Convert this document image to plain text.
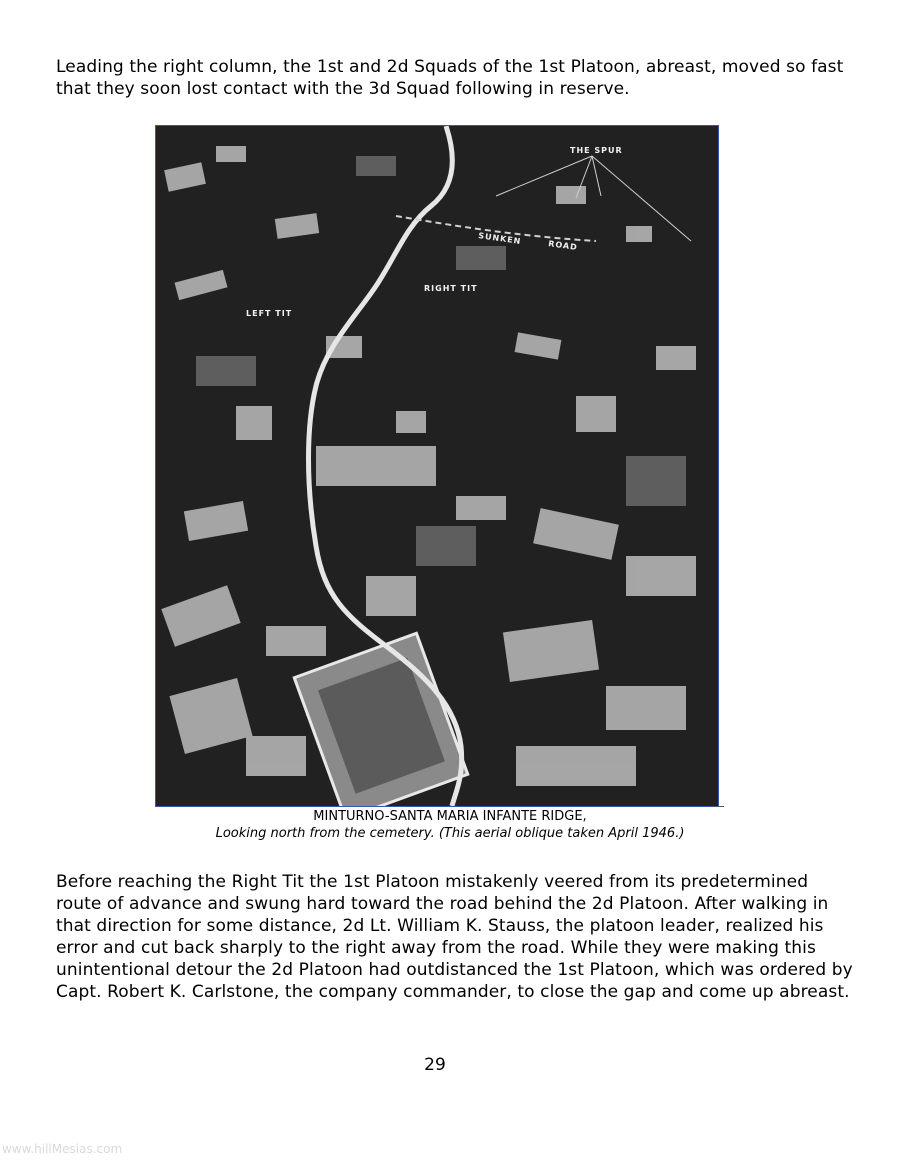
Leading the right column, the 1st and 2d Squads of the 1st Platoon, abreast, moved so fast that they soon lost contact with the 3d Squad following in reserve.

THE SPUR
SUNKEN	ROAD
RIGHT TIT
LEFT TIT

MINTURNO-SANTA MARIA INFANTE RIDGE,

Looking north from the cemetery. (This aerial oblique taken April 1946.)

Before reaching the Right Tit the 1st Platoon mistakenly veered from its predetermined route of advance and swung hard toward the road behind the 2d Platoon. After walking in that direction for some distance, 2d Lt. William K. Stauss, the platoon leader, realized his error and cut back sharply to the right away from the road. While they were making this unintentional detour the 2d Platoon had outdistanced the 1st Platoon, which was ordered by Capt. Robert K. Carlstone, the company commander, to close the gap and come up abreast.

29
www.hillMesias.com
